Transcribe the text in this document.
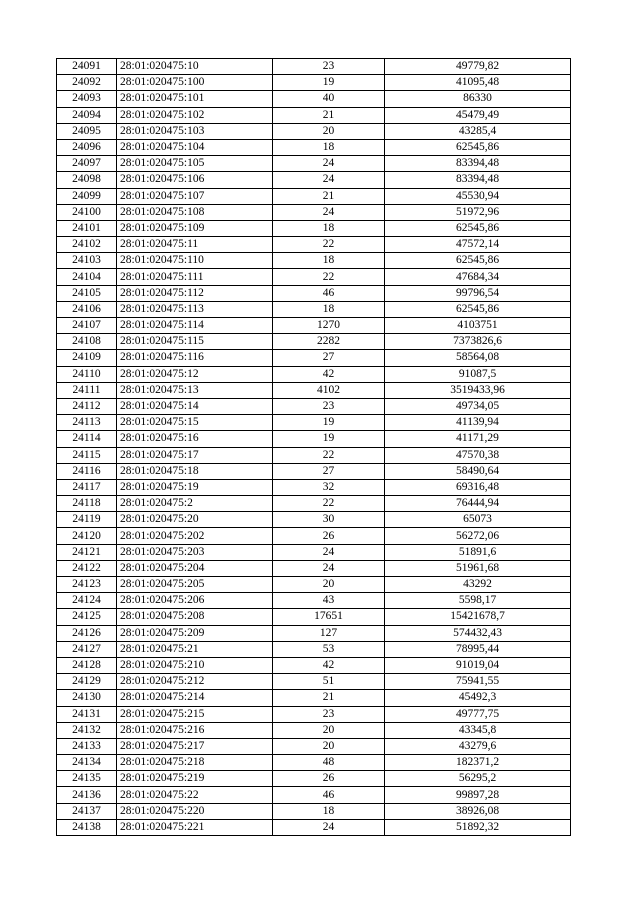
24091	28:01:020475:10	23	49779,82
24092	28:01:020475:100	19	41095,48
24093	28:01:020475:101	40	86330
24094	28:01:020475:102	21	45479,49
24095	28:01:020475:103	20	43285,4
24096	28:01:020475:104	18	62545,86
24097	28:01:020475:105	24	83394,48
24098	28:01:020475:106	24	83394,48
24099	28:01:020475:107	21	45530,94
24100	28:01:020475:108	24	51972,96
24101	28:01:020475:109	18	62545,86
24102	28:01:020475:11	22	47572,14
24103	28:01:020475:110	18	62545,86
24104	28:01:020475:111	22	47684,34
24105	28:01:020475:112	46	99796,54
24106	28:01:020475:113	18	62545,86
24107	28:01:020475:114	1270	4103751
24108	28:01:020475:115	2282	7373826,6
24109	28:01:020475:116	27	58564,08
24110	28:01:020475:12	42	91087,5
24111	28:01:020475:13	4102	3519433,96
24112	28:01:020475:14	23	49734,05
24113	28:01:020475:15	19	41139,94
24114	28:01:020475:16	19	41171,29
24115	28:01:020475:17	22	47570,38
24116	28:01:020475:18	27	58490,64
24117	28:01:020475:19	32	69316,48
24118	28:01:020475:2	22	76444,94
24119	28:01:020475:20	30	65073
24120	28:01:020475:202	26	56272,06
24121	28:01:020475:203	24	51891,6
24122	28:01:020475:204	24	51961,68
24123	28:01:020475:205	20	43292
24124	28:01:020475:206	43	5598,17
24125	28:01:020475:208	17651	15421678,7
24126	28:01:020475:209	127	574432,43
24127	28:01:020475:21	53	78995,44
24128	28:01:020475:210	42	91019,04
24129	28:01:020475:212	51	75941,55
24130	28:01:020475:214	21	45492,3
24131	28:01:020475:215	23	49777,75
24132	28:01:020475:216	20	43345,8
24133	28:01:020475:217	20	43279,6
24134	28:01:020475:218	48	182371,2
24135	28:01:020475:219	26	56295,2
24136	28:01:020475:22	46	99897,28
24137	28:01:020475:220	18	38926,08
24138	28:01:020475:221	24	51892,32
